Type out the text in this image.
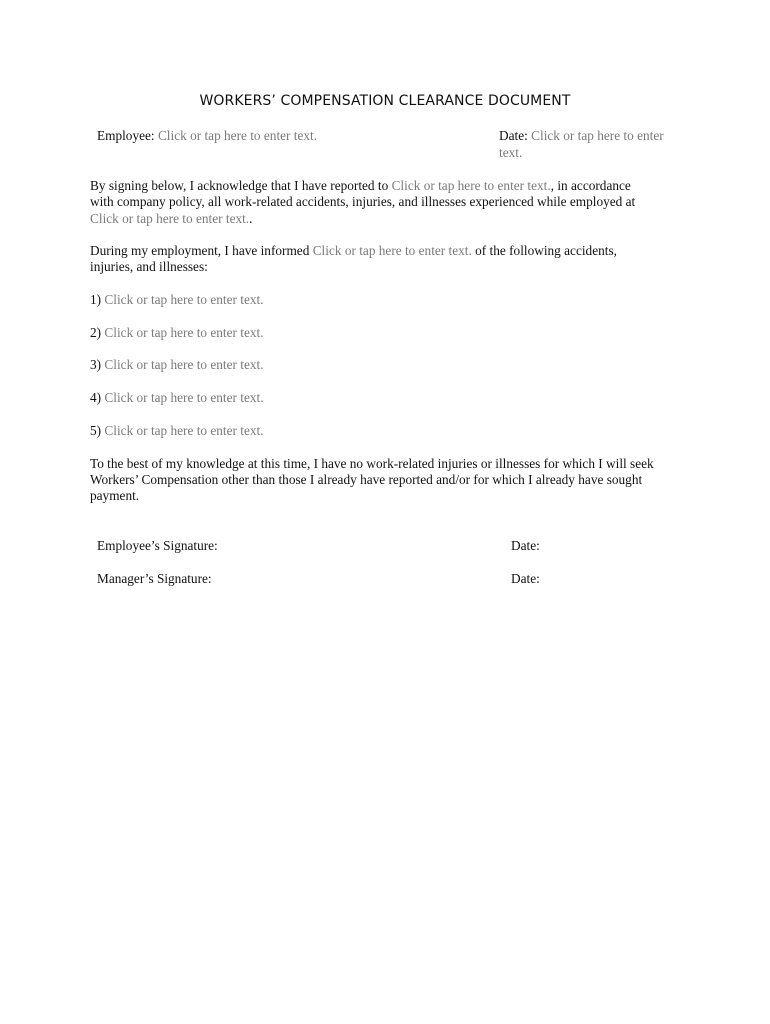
WORKERS’ COMPENSATION CLEARANCE DOCUMENT
Employee: Click or tap here to enter text.	Date: Click or tap here to enter
text.
By signing below, I acknowledge that I have reported to Click or tap here to enter text., in accordance
with company policy, all work-related accidents, injuries, and illnesses experienced while employed at
Click or tap here to enter text..
During my employment, I have informed Click or tap here to enter text. of the following accidents,
injuries, and illnesses:
1) Click or tap here to enter text.
2) Click or tap here to enter text.
3) Click or tap here to enter text.
4) Click or tap here to enter text.
5) Click or tap here to enter text.
To the best of my knowledge at this time, I have no work-related injuries or illnesses for which I will seek
Workers’ Compensation other than those I already have reported and/or for which I already have sought
payment.
Employee’s Signature:	Date:
Manager’s Signature:	Date:
